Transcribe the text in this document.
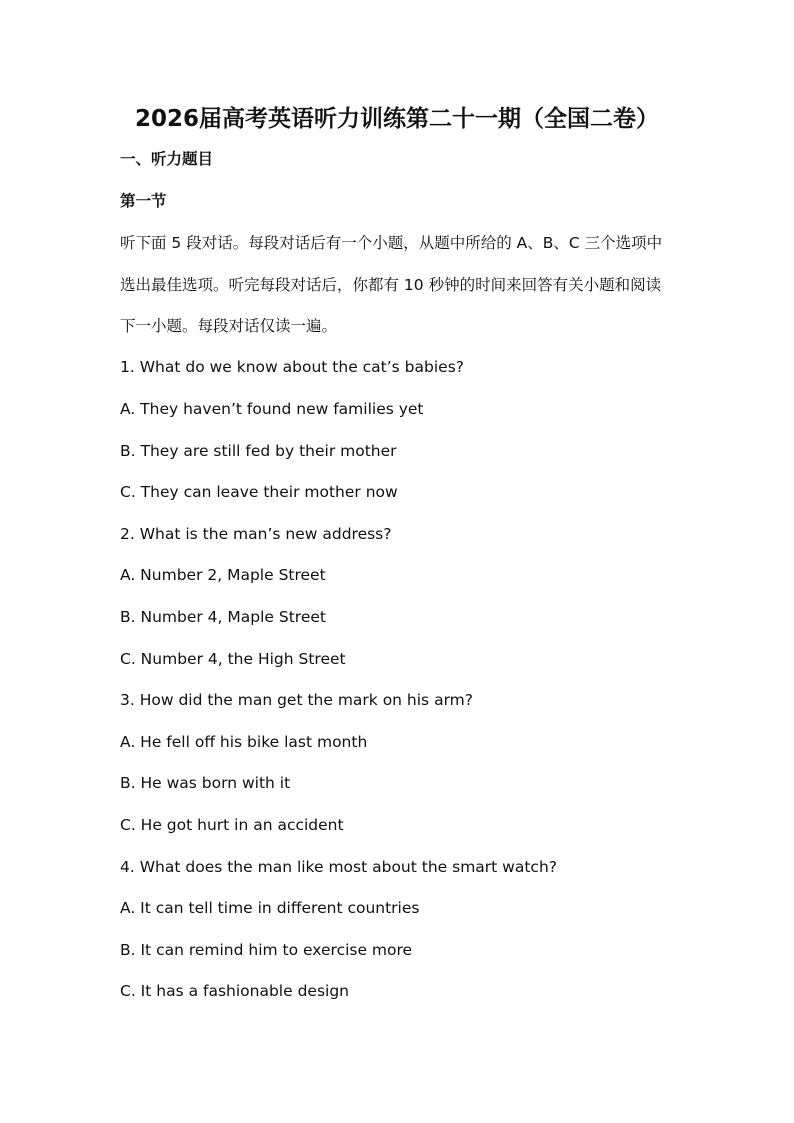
2026届高考英语听力训练第二十一期（全国二卷）
一、听力题目
第一节
听下面 5 段对话。每段对话后有一个小题，从题中所给的 A、B、C 三个选项中
选出最佳选项。听完每段对话后，你都有 10 秒钟的时间来回答有关小题和阅读
下一小题。每段对话仅读一遍。
1. What do we know about the cat’s babies?
A. They haven’t found new families yet
B. They are still fed by their mother
C. They can leave their mother now
2. What is the man’s new address?
A. Number 2, Maple Street
B. Number 4, Maple Street
C. Number 4, the High Street
3. How did the man get the mark on his arm?
A. He fell off his bike last month
B. He was born with it
C. He got hurt in an accident
4. What does the man like most about the smart watch?
A. It can tell time in different countries
B. It can remind him to exercise more
C. It has a fashionable design
